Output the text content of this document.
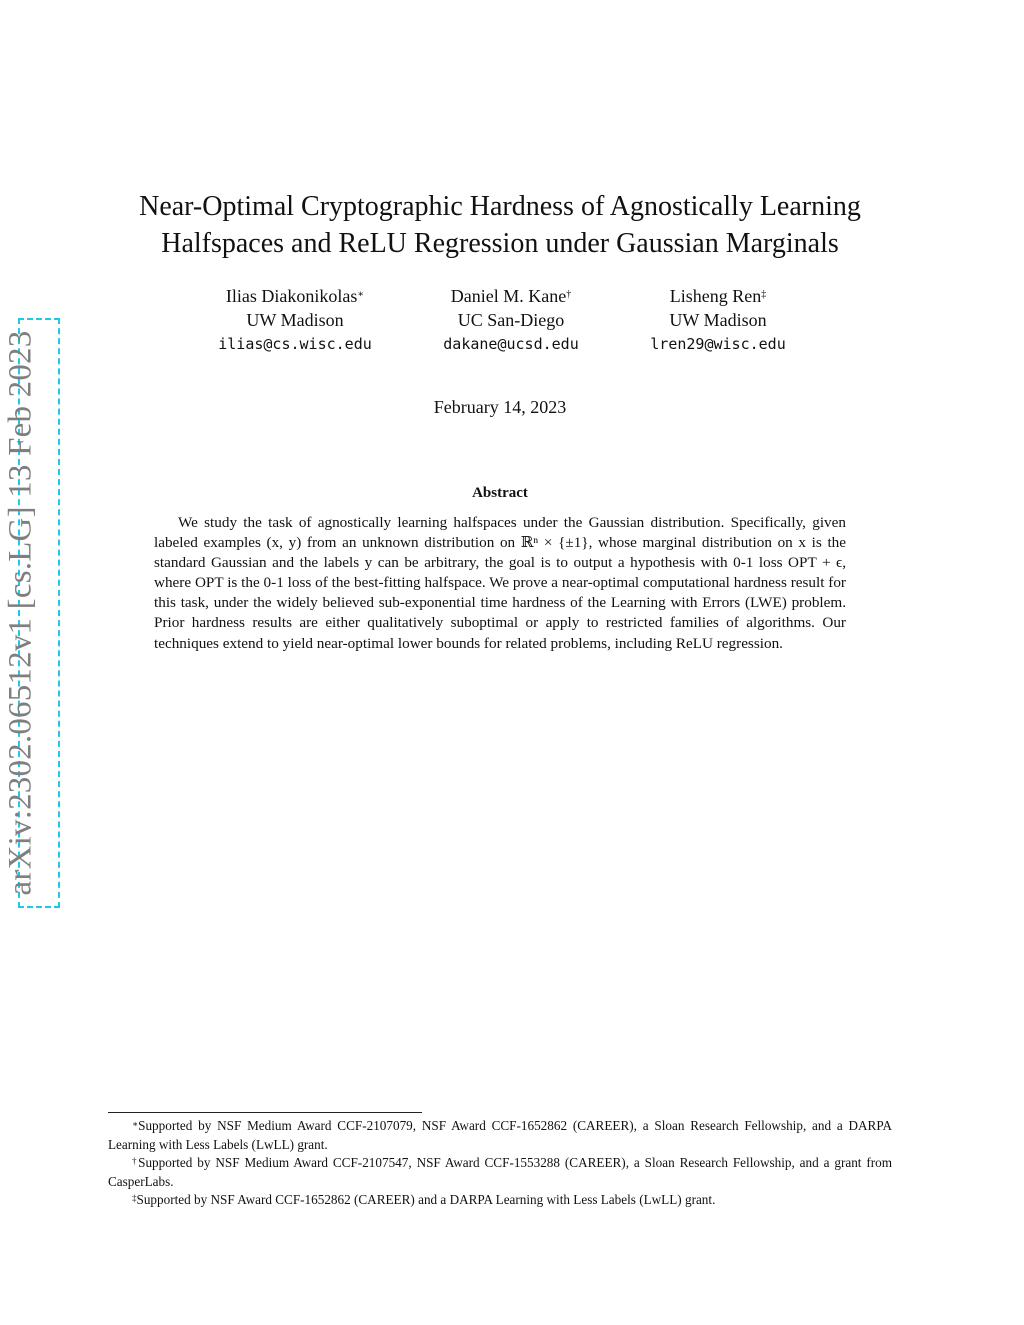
arXiv:2302.06512v1 [cs.LG] 13 Feb 2023
Near-Optimal Cryptographic Hardness of Agnostically Learning Halfspaces and ReLU Regression under Gaussian Marginals
Ilias Diakonikolas∗
UW Madison
ilias@cs.wisc.edu
Daniel M. Kane†
UC San-Diego
dakane@ucsd.edu
Lisheng Ren‡
UW Madison
lren29@wisc.edu
February 14, 2023
Abstract

We study the task of agnostically learning halfspaces under the Gaussian distribution. Specifically, given labeled examples (x, y) from an unknown distribution on ℝⁿ × {±1}, whose marginal distribution on x is the standard Gaussian and the labels y can be arbitrary, the goal is to output a hypothesis with 0-1 loss OPT + ϵ, where OPT is the 0-1 loss of the best-fitting halfspace. We prove a near-optimal computational hardness result for this task, under the widely believed sub-exponential time hardness of the Learning with Errors (LWE) problem. Prior hardness results are either qualitatively suboptimal or apply to restricted families of algorithms. Our techniques extend to yield near-optimal lower bounds for related problems, including ReLU regression.

∗Supported by NSF Medium Award CCF-2107079, NSF Award CCF-1652862 (CAREER), a Sloan Research Fellowship, and a DARPA Learning with Less Labels (LwLL) grant.

†Supported by NSF Medium Award CCF-2107547, NSF Award CCF-1553288 (CAREER), a Sloan Research Fellowship, and a grant from CasperLabs.

‡Supported by NSF Award CCF-1652862 (CAREER) and a DARPA Learning with Less Labels (LwLL) grant.
